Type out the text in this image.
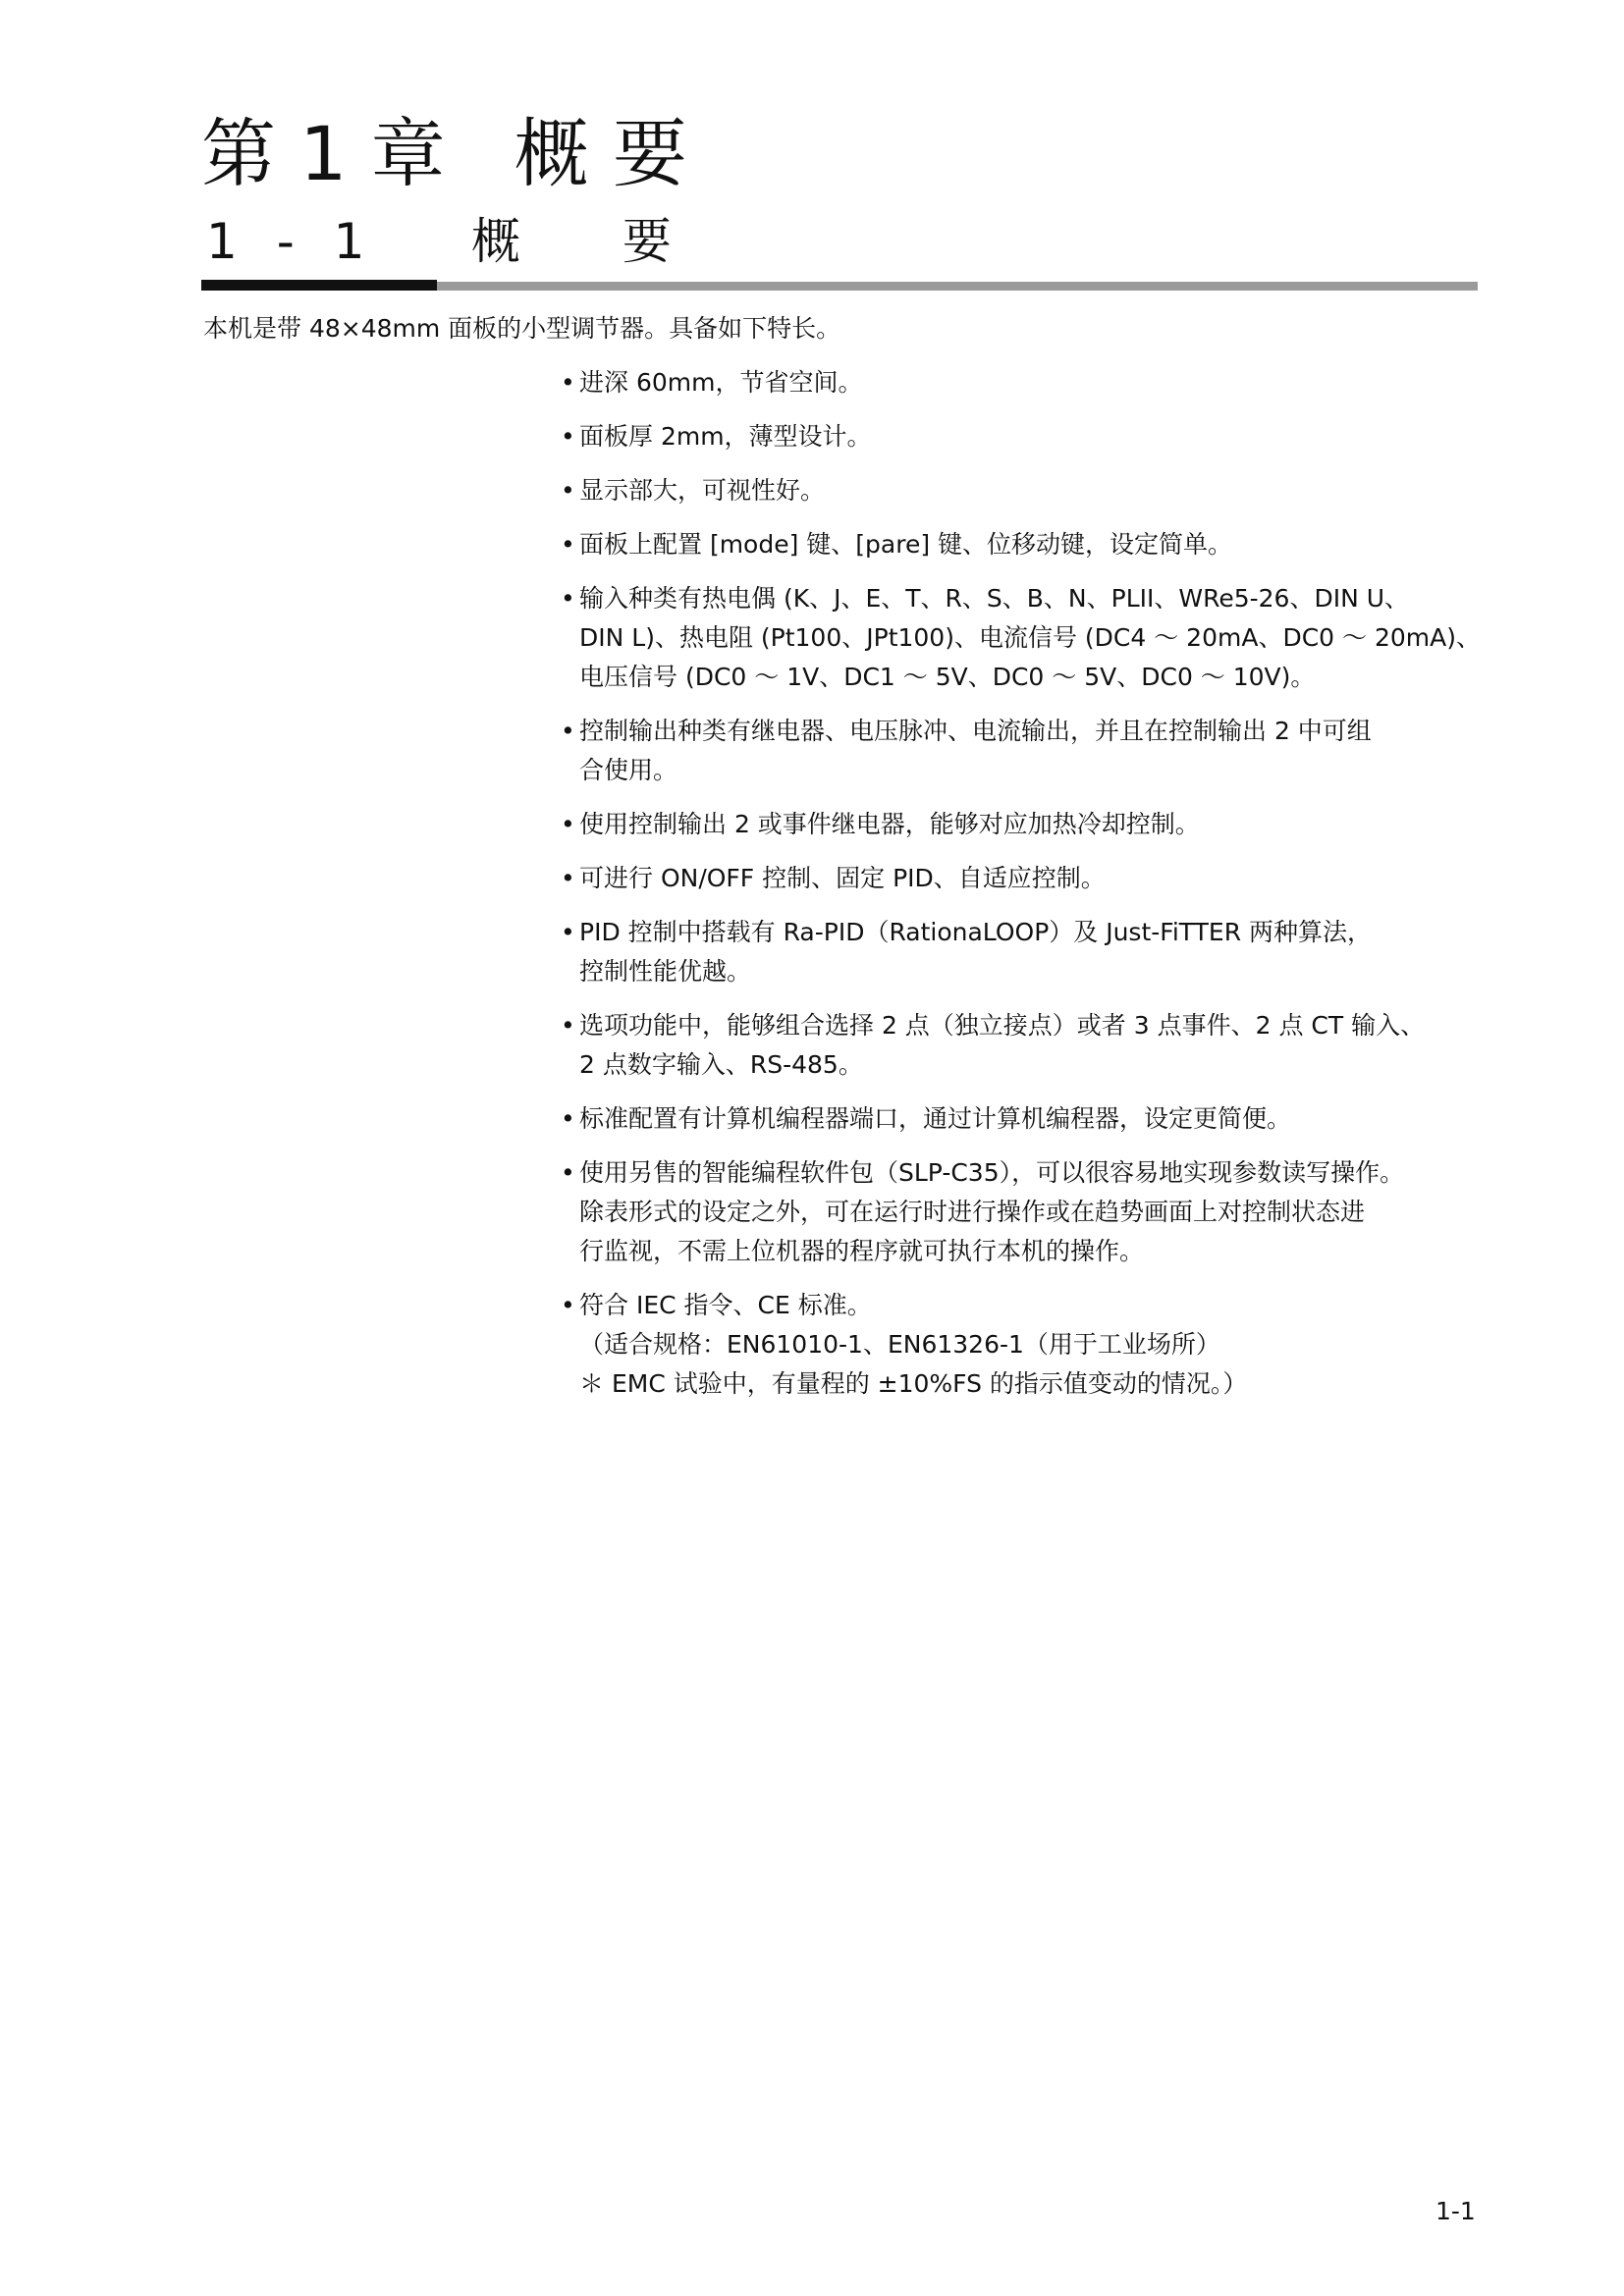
第 1 章 概 要
1 - 1 概 要
本机是带 48×48mm 面板的小型调节器。具备如下特长。
• 进深 60mm，节省空间。
• 面板厚 2mm，薄型设计。
• 显示部大，可视性好。
• 面板上配置 [mode] 键、[pare] 键、位移动键，设定简单。
• 输入种类有热电偶 (K、J、E、T、R、S、B、N、PLII、WRe5-26、DIN U、
DIN L)、热电阻 (Pt100、JPt100)、电流信号 (DC4 ～ 20mA、DC0 ～ 20mA)、
电压信号 (DC0 ～ 1V、DC1 ～ 5V、DC0 ～ 5V、DC0 ～ 10V)。
• 控制输出种类有继电器、电压脉冲、电流输出，并且在控制输出 2 中可组
合使用。
• 使用控制输出 2 或事件继电器，能够对应加热冷却控制。
• 可进行 ON/OFF 控制、固定 PID、自适应控制。
• PID 控制中搭载有 Ra-PID（RationaLOOP）及 Just-FiTTER 两种算法，
控制性能优越。
• 选项功能中，能够组合选择 2 点（独立接点）或者 3 点事件、2 点 CT 输入、
2 点数字输入、RS-485。
• 标准配置有计算机编程器端口，通过计算机编程器，设定更简便。
• 使用另售的智能编程软件包（SLP-C35），可以很容易地实现参数读写操作。
除表形式的设定之外，可在运行时进行操作或在趋势画面上对控制状态进
行监视，不需上位机器的程序就可执行本机的操作。
• 符合 IEC 指令、CE 标准。
（适合规格：EN61010-1、EN61326-1（用于工业场所）
＊ EMC 试验中，有量程的 ±10%FS 的指示值变动的情况。）
1-1
